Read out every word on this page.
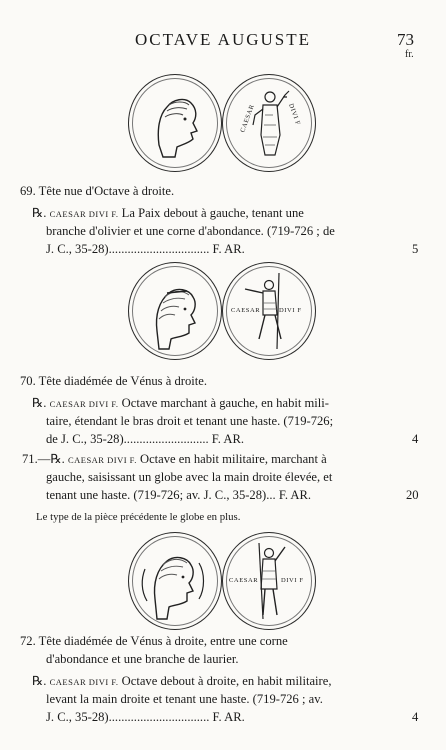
OCTAVE AUGUSTE	73
fr.
CAESAR	DIVI F
69. Tête nue d'Octave à droite.
℞. CAESAR DIVI F. La Paix debout à gauche, tenant une
branche d'olivier et une corne d'abondance. (719-726 ; de
J. C., 35-28)................................ F. AR.	5
CAESAR	DIVI F
70. Tête diadémée de Vénus à droite.
℞. CAESAR DIVI F. Octave marchant à gauche, en habit mili-
taire, étendant le bras droit et tenant une haste. (719-726;
de J. C., 35-28)........................... F. AR.	4
71.—℞. CAESAR DIVI F. Octave en habit militaire, marchant à
gauche, saisissant un globe avec la main droite élevée, et
tenant une haste. (719-726; av. J. C., 35-28)... F. AR.	20
Le type de la pièce précédente le globe en plus.
CAESAR	DIVI F
72. Tête diadémée de Vénus à droite, entre une corne
d'abondance et une branche de laurier.
℞. CAESAR DIVI F. Octave debout à droite, en habit militaire,
levant la main droite et tenant une haste. (719-726 ; av.
J. C., 35-28)................................ F. AR.	4
